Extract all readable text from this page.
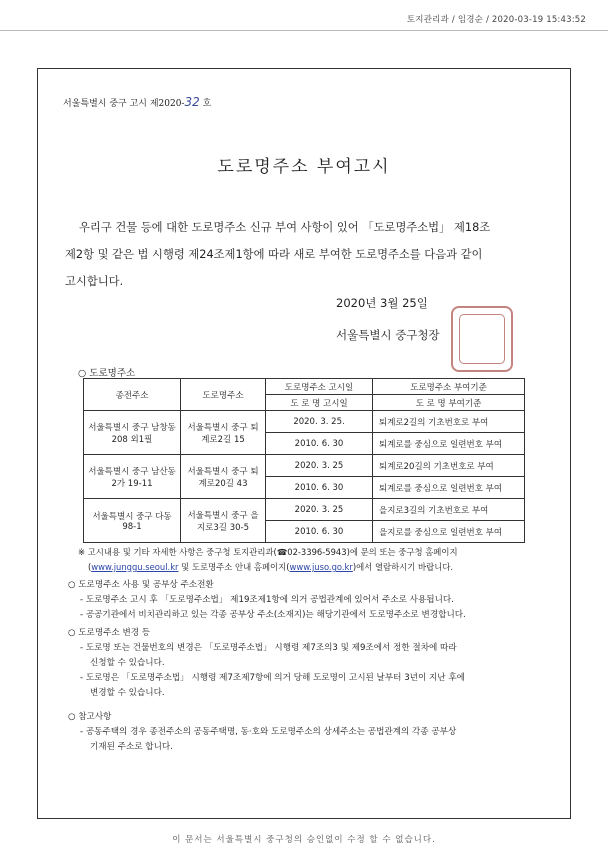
토지관리과 / 임경순 / 2020-03-19 15:43:52
서울특별시 중구 고시 제2020-32 호
도로명주소 부여고시
우리구 건물 등에 대한 도로명주소 신규 부여 사항이 있어 「도로명주소법」 제18조
제2항 및 같은 법 시행령 제24조제1항에 따라 새로 부여한 도로명주소를 다음과 같이
고시합니다.
2020년 3월 25일
서울특별시 중구청장
○ 도로명주소
종전주소	도로명주소	도로명주소 고시일	도로명주소 부여기준
		도 로 명 고시일	도 로 명 부여기준
서울특별시 중구 남창동 208 외1필	서울특별시 중구 퇴계로2길 15	2020. 3. 25.	퇴계로2길의 기초번호로 부여
		2010. 6. 30	퇴계로를 중심으로 일련번호 부여
서울특별시 중구 남산동2가 19-11	서울특별시 중구 퇴계로20길 43	2020. 3. 25	퇴계로20길의 기초번호로 부여
		2010. 6. 30	퇴계로를 중심으로 일련번호 부여
서울특별시 중구 다동 98-1	서울특별시 중구 을지로3길 30-5	2020. 3. 25	을지로3길의 기초번호로 부여
		2010. 6. 30	을지로를 중심으로 일련번호 부여
※ 고시내용 및 기타 자세한 사항은 중구청 토지관리과(☎02-3396-5943)에 문의 또는 중구청 홈페이지
(www.junggu.seoul.kr 및 도로명주소 안내 홈페이지(www.juso.go.kr)에서 열람하시기 바랍니다.
○ 도로명주소 사용 및 공부상 주소전환
- 도로명주소 고시 후 「도로명주소법」 제19조제1항에 의거 공법관계에 있어서 주소로 사용됩니다.
- 공공기관에서 비치관리하고 있는 각종 공부상 주소(소재지)는 해당기관에서 도로명주소로 변경합니다.
○ 도로명주소 변경 등
- 도로명 또는 건물번호의 변경은 「도로명주소법」 시행령 제7조의3 및 제9조에서 정한 절차에 따라
신청할 수 있습니다.
- 도로명은 「도로명주소법」 시행령 제7조제7항에 의거 당해 도로명이 고시된 날부터 3년이 지난 후에
변경할 수 있습니다.
○ 참고사항
- 공동주택의 경우 종전주소의 공동주택명, 동·호와 도로명주소의 상세주소는 공법관계의 각종 공부상
기재된 주소로 합니다.
이 문서는 서울특별시 중구청의 승인없이 수정 할 수 없습니다.
